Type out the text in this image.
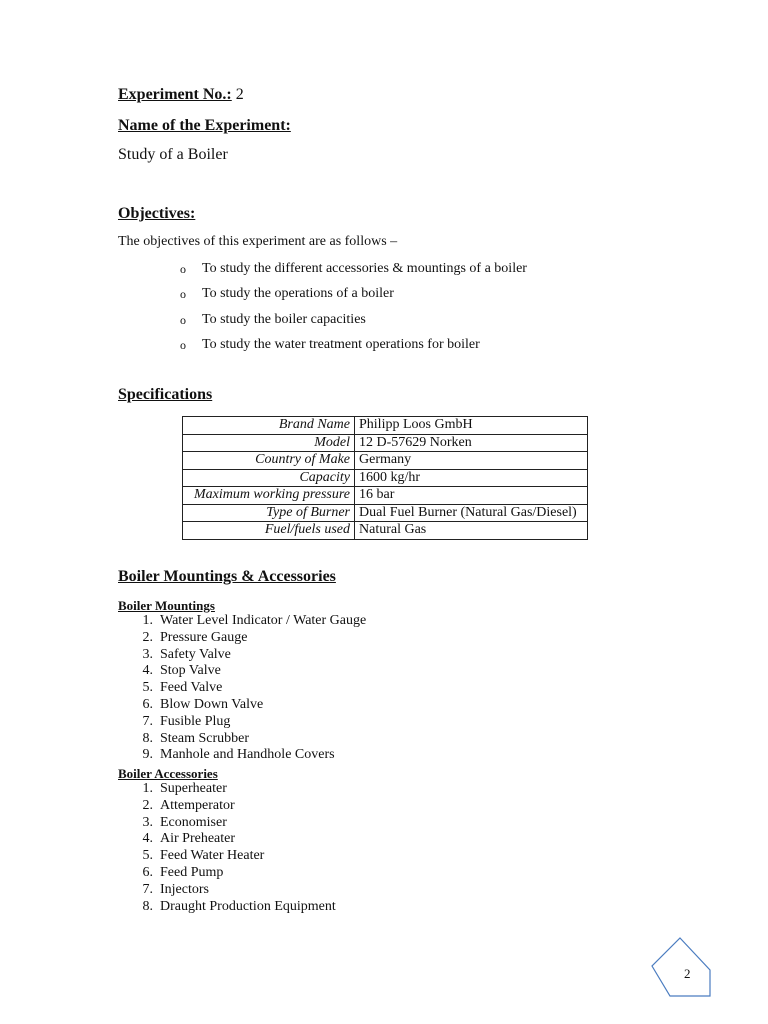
Experiment No.: 2
Name of the Experiment:
Study of a Boiler
Objectives:
The objectives of this experiment are as follows –
o	To study the different accessories & mountings of a boiler
o	To study the operations of a boiler
o	To study the boiler capacities
o	To study the water treatment operations for boiler
Specifications
Brand Name	Philipp Loos GmbH
Model	12 D-57629 Norken
Country of Make	Germany
Capacity	1600 kg/hr
Maximum working pressure	16 bar
Type of Burner	Dual Fuel Burner (Natural Gas/Diesel)
Fuel/fuels used	Natural Gas
Boiler Mountings & Accessories
Boiler Mountings
1. Water Level Indicator / Water Gauge
2. Pressure Gauge
3. Safety Valve
4. Stop Valve
5. Feed Valve
6. Blow Down Valve
7. Fusible Plug
8. Steam Scrubber
9. Manhole and Handhole Covers
Boiler Accessories
1. Superheater
2. Attemperator
3. Economiser
4. Air Preheater
5. Feed Water Heater
6. Feed Pump
7. Injectors
8. Draught Production Equipment
2
